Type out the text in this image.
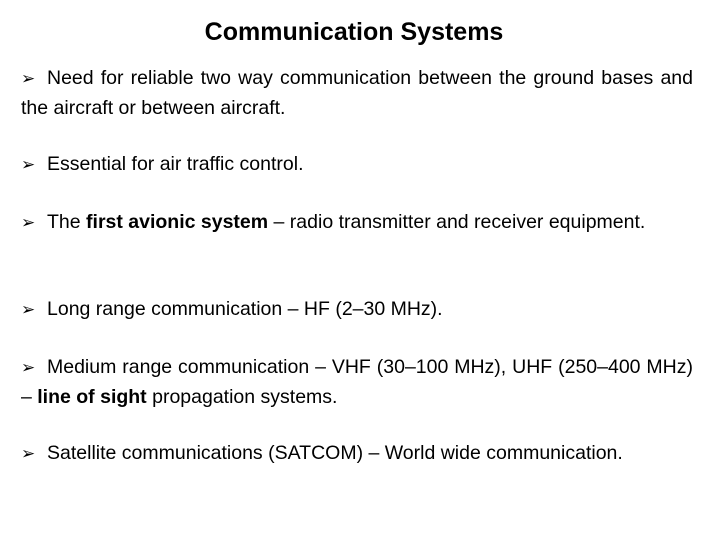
Communication Systems
➢ Need for reliable two way communication between the ground bases and the aircraft or between aircraft.
➢ Essential for air traffic control.
➢ The first avionic system – radio transmitter and receiver equipment.
➢ Long range communication – HF (2–30 MHz).
➢ Medium range communication – VHF (30–100 MHz), UHF (250–400 MHz) – line of sight propagation systems.
➢ Satellite communications (SATCOM) – World wide communication.
